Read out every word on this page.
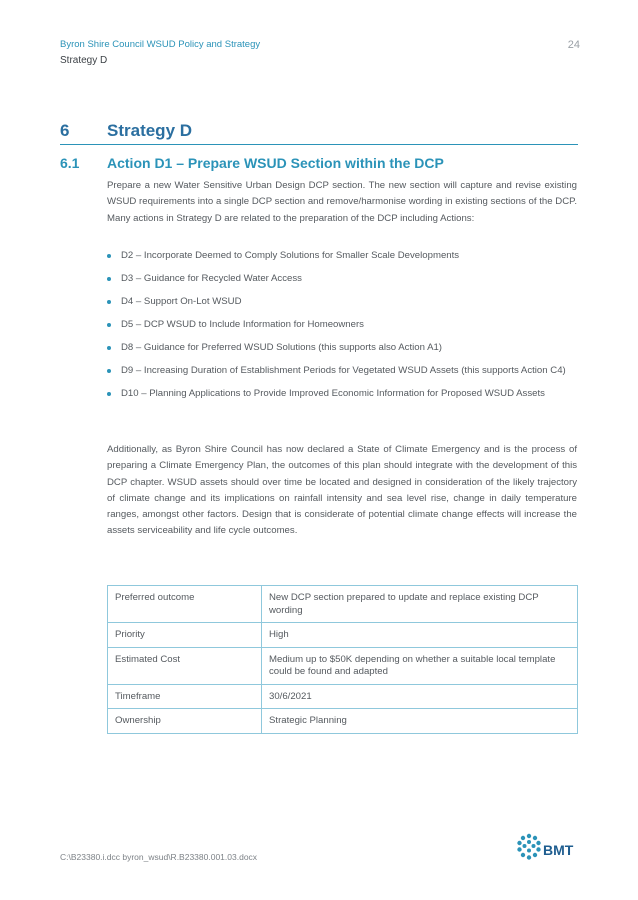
Byron Shire Council WSUD Policy and Strategy	24
Strategy D
6 Strategy D
6.1 Action D1 – Prepare WSUD Section within the DCP
Prepare a new Water Sensitive Urban Design DCP section. The new section will capture and revise existing WSUD requirements into a single DCP section and remove/harmonise wording in existing sections of the DCP. Many actions in Strategy D are related to the preparation of the DCP including Actions:
D2 – Incorporate Deemed to Comply Solutions for Smaller Scale Developments
D3 – Guidance for Recycled Water Access
D4 – Support On-Lot WSUD
D5 – DCP WSUD to Include Information for Homeowners
D8 – Guidance for Preferred WSUD Solutions (this supports also Action A1)
D9 – Increasing Duration of Establishment Periods for Vegetated WSUD Assets (this supports Action C4)
D10 – Planning Applications to Provide Improved Economic Information for Proposed WSUD Assets
Additionally, as Byron Shire Council has now declared a State of Climate Emergency and is the process of preparing a Climate Emergency Plan, the outcomes of this plan should integrate with the development of this DCP chapter. WSUD assets should over time be located and designed in consideration of the likely trajectory of climate change and its implications on rainfall intensity and sea level rise, change in daily temperature ranges, amongst other factors. Design that is considerate of potential climate change effects will increase the assets serviceability and life cycle outcomes.
Preferred outcome	New DCP section prepared to update and replace existing DCP wording
Priority	High
Estimated Cost	Medium up to $50K depending on whether a suitable local template could be found and adapted
Timeframe	30/6/2021
Ownership	Strategic Planning
C:\B23380.i.dcc byron_wsud\R.B23380.001.03.docx	BMT
